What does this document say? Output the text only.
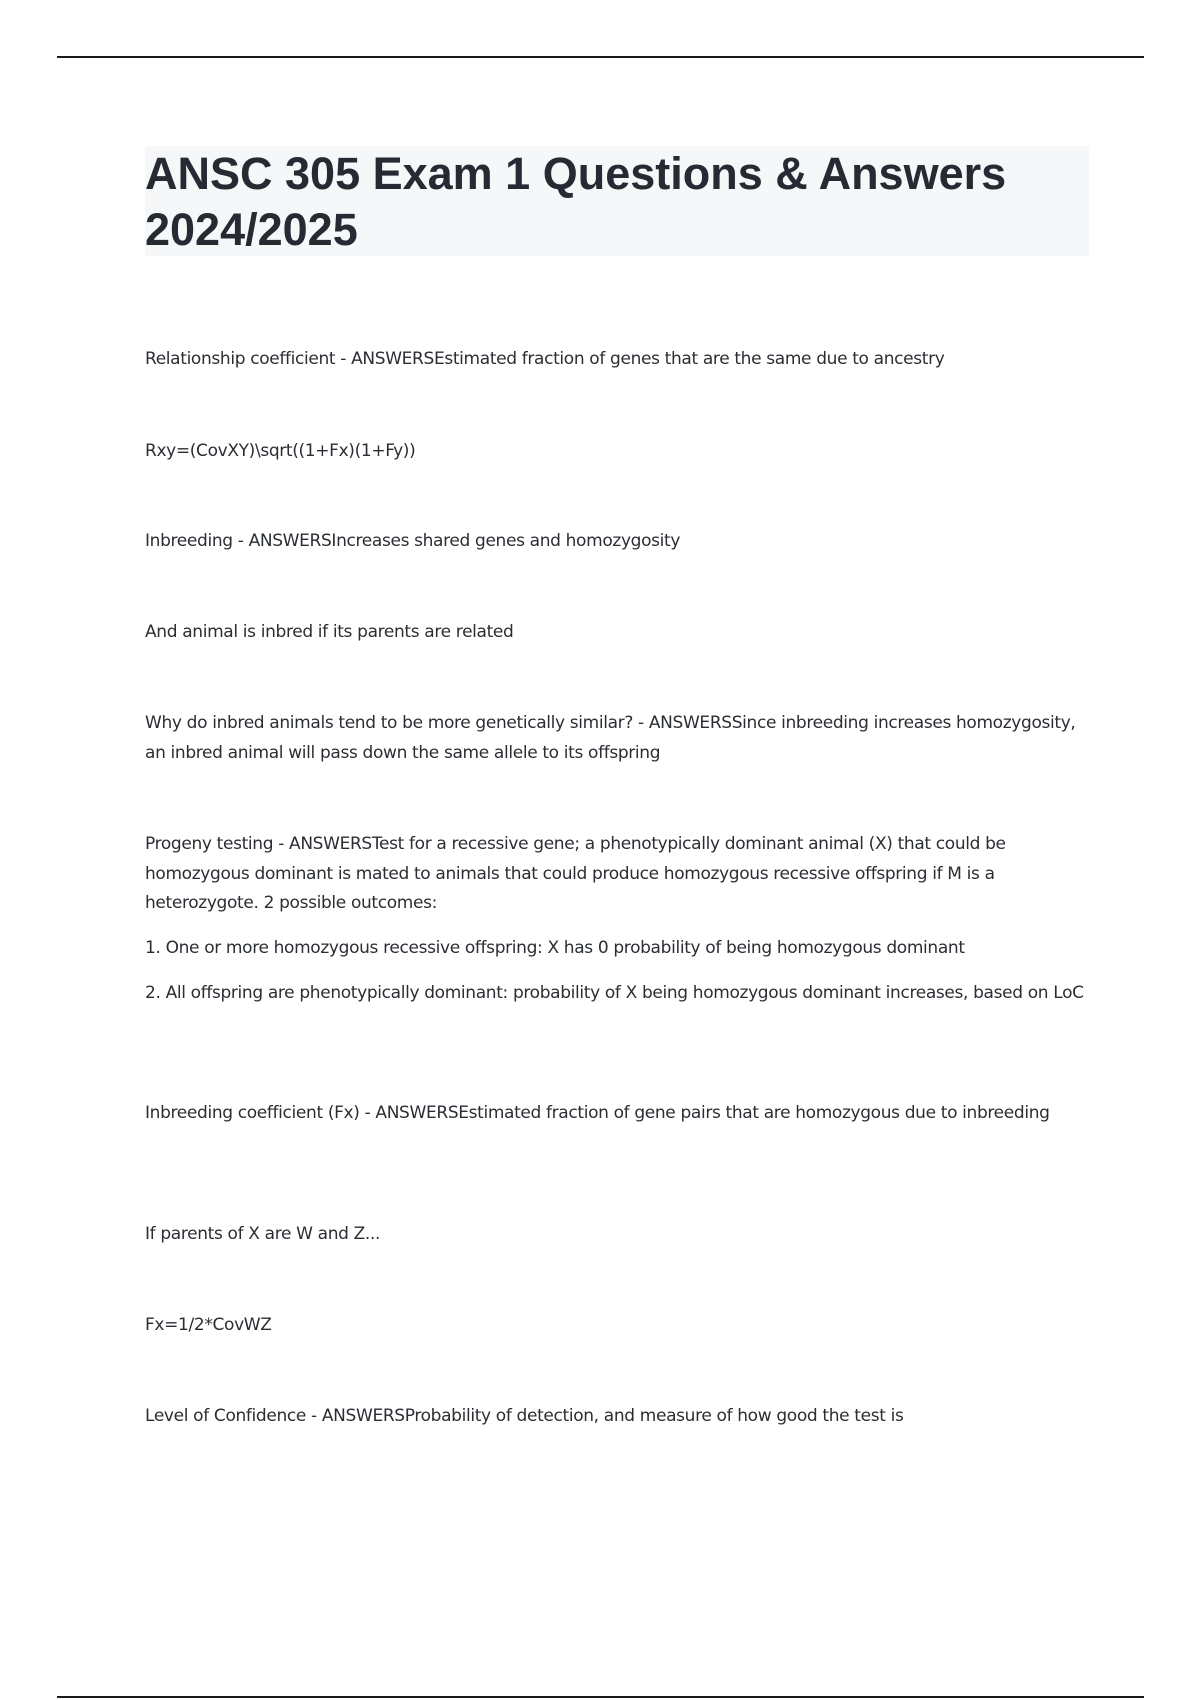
ANSC 305 Exam 1 Questions & Answers 2024/2025

Relationship coefficient - ANSWERSEstimated fraction of genes that are the same due to ancestry

Rxy=(CovXY)\sqrt((1+Fx)(1+Fy))

Inbreeding - ANSWERSIncreases shared genes and homozygosity

And animal is inbred if its parents are related

Why do inbred animals tend to be more genetically similar? - ANSWERSSince inbreeding increases homozygosity, an inbred animal will pass down the same allele to its offspring

Progeny testing - ANSWERSTest for a recessive gene; a phenotypically dominant animal (X) that could be homozygous dominant is mated to animals that could produce homozygous recessive offspring if M is a heterozygote. 2 possible outcomes:

1. One or more homozygous recessive offspring: X has 0 probability of being homozygous dominant

2. All offspring are phenotypically dominant: probability of X being homozygous dominant increases, based on LoC

Inbreeding coefficient (Fx) - ANSWERSEstimated fraction of gene pairs that are homozygous due to inbreeding

If parents of X are W and Z...

Fx=1/2*CovWZ

Level of Confidence - ANSWERSProbability of detection, and measure of how good the test is
